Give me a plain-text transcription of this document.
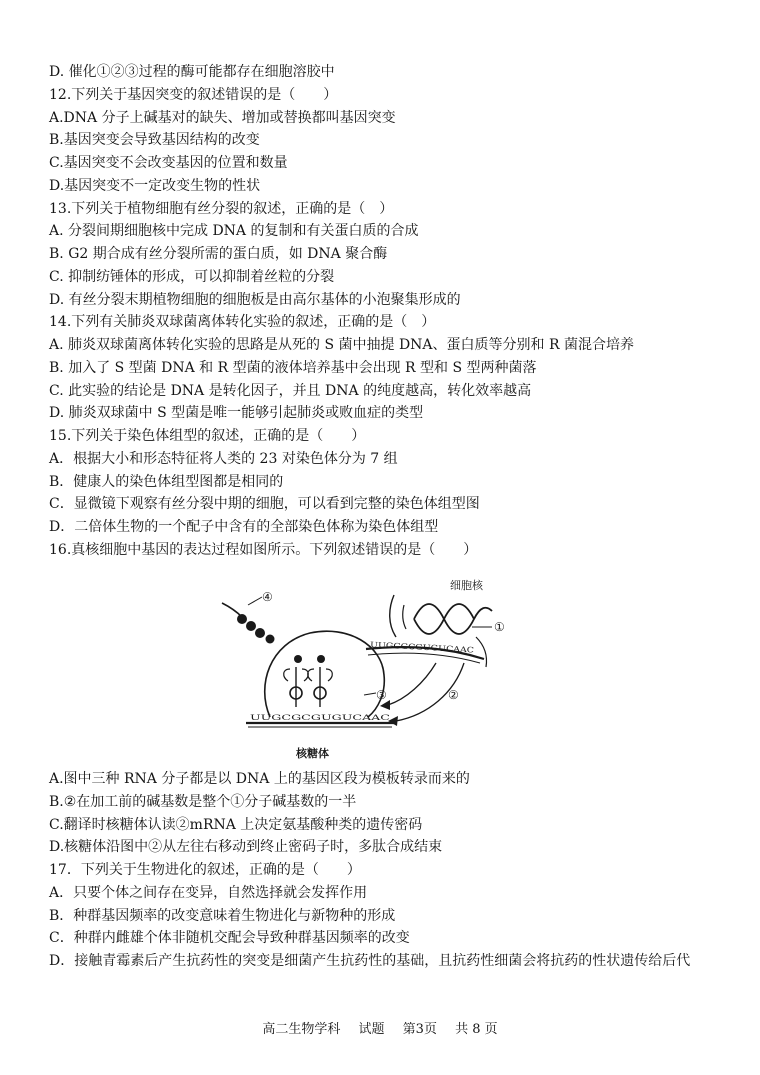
D. 催化①②③过程的酶可能都存在细胞溶胶中
12.下列关于基因突变的叙述错误的是（　　）
A.DNA 分子上碱基对的缺失、增加或替换都叫基因突变
B.基因突变会导致基因结构的改变
C.基因突变不会改变基因的位置和数量
D.基因突变不一定改变生物的性状
13.下列关于植物细胞有丝分裂的叙述，正确的是（　）
A. 分裂间期细胞核中完成 DNA 的复制和有关蛋白质的合成
B. G2 期合成有丝分裂所需的蛋白质，如 DNA 聚合酶
C. 抑制纺锤体的形成，可以抑制着丝粒的分裂
D. 有丝分裂末期植物细胞的细胞板是由高尔基体的小泡聚集形成的
14.下列有关肺炎双球菌离体转化实验的叙述，正确的是（　）
A. 肺炎双球菌离体转化实验的思路是从死的 S 菌中抽提 DNA、蛋白质等分别和 R 菌混合培养
B. 加入了 S 型菌 DNA 和 R 型菌的液体培养基中会出现 R 型和 S 型两种菌落
C. 此实验的结论是 DNA 是转化因子，并且 DNA 的纯度越高，转化效率越高
D. 肺炎双球菌中 S 型菌是唯一能够引起肺炎或败血症的类型
15.下列关于染色体组型的叙述，正确的是（　　）
A．根据大小和形态特征将人类的 23 对染色体分为 7 组
B．健康人的染色体组型图都是相同的
C．显微镜下观察有丝分裂中期的细胞，可以看到完整的染色体组型图
D．二倍体生物的一个配子中含有的全部染色体称为染色体组型
16.真核细胞中基因的表达过程如图所示。下列叙述错误的是（　　）
④
③	②
①
细胞核
核糖体
UUGCGCGUGUCAAC
UUGCGCGUGUCAAC
A.图中三种 RNA 分子都是以 DNA 上的基因区段为模板转录而来的
B.②在加工前的碱基数是整个①分子碱基数的一半
C.翻译时核糖体认读②mRNA 上决定氨基酸种类的遗传密码
D.核糖体沿图中②从左往右移动到终止密码子时，多肽合成结束
17．下列关于生物进化的叙述，正确的是（　　）
A．只要个体之间存在变异，自然选择就会发挥作用
B．种群基因频率的改变意味着生物进化与新物种的形成
C．种群内雌雄个体非随机交配会导致种群基因频率的改变
D．接触青霉素后产生抗药性的突变是细菌产生抗药性的基础，且抗药性细菌会将抗药的性状遗传给后代
高二生物学科 试题 第3页 共 8 页
